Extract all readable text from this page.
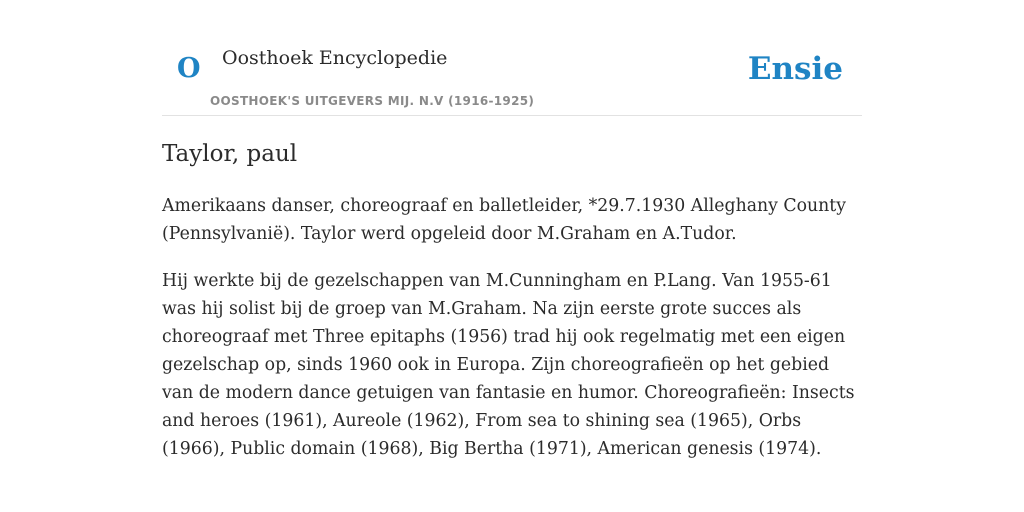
O Oosthoek Encyclopedie
OOSTHOEK'S UITGEVERS MIJ. N.V (1916-1925)
Ensie
Taylor, paul

Amerikaans danser, choreograaf en balletleider, *29.7.1930 Alleghany County (Pennsylvanië). Taylor werd opgeleid door M.Graham en A.Tudor.

Hij werkte bij de gezelschappen van M.Cunningham en P.Lang. Van 1955-61 was hij solist bij de groep van M.Graham. Na zijn eerste grote succes als choreograaf met Three epitaphs (1956) trad hij ook regelmatig met een eigen gezelschap op, sinds 1960 ook in Europa. Zijn choreografieën op het gebied van de modern dance getuigen van fantasie en humor. Choreografieën: Insects and heroes (1961), Aureole (1962), From sea to shining sea (1965), Orbs (1966), Public domain (1968), Big Bertha (1971), American genesis (1974).
